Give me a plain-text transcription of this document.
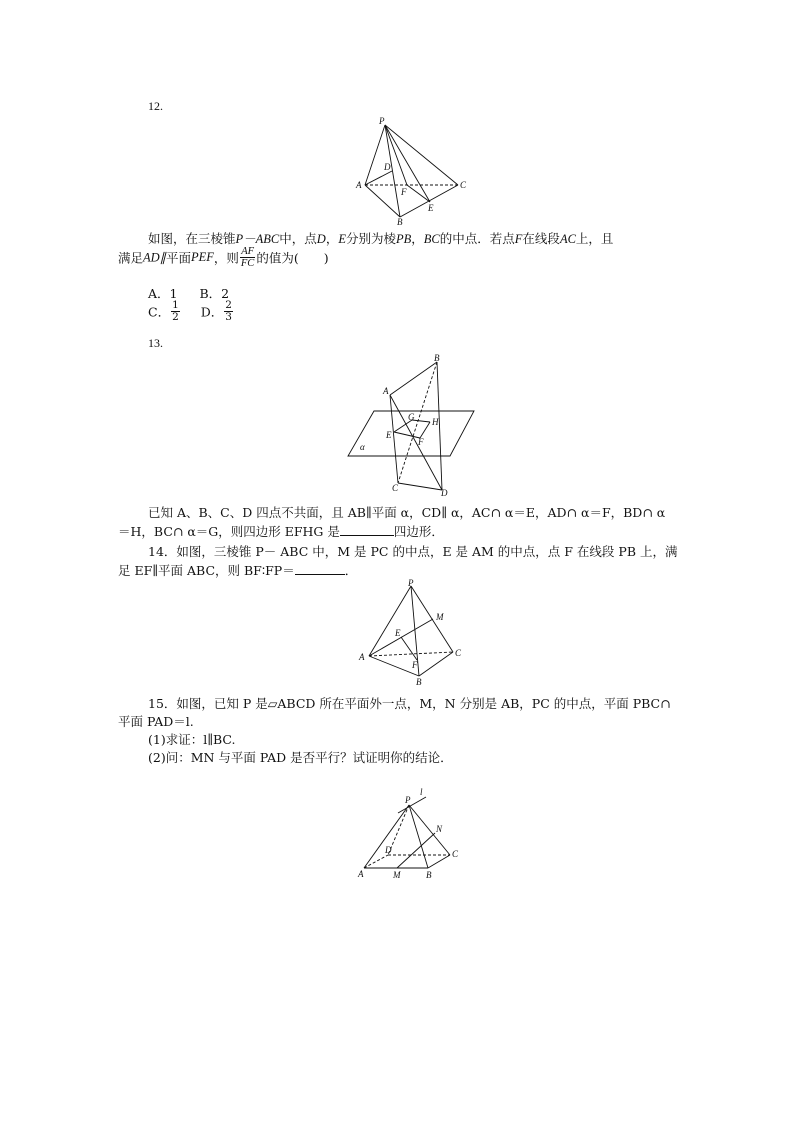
12.
P
A
B
C
D
E
F
如图，在三棱锥P－ABC中，点D，E分别为棱PB，BC的中点．若点F在线段AC上，且
满足AD∥平面PEF，则 $\frac{AF}{FC}$ 的值为(　　)
A．1 B．2
C． $\frac{1}{2}$ D． $\frac{2}{3}$
13.
A
B
C	D
E
F
G H
α
已知 A、B、C、D 四点不共面，且 AB∥平面 α，CD∥ α，AC∩ α＝E，AD∩ α＝F，BD∩ α
＝H，BC∩ α＝G，则四边形 EFHG 是	四边形．
14．如图，三棱锥 P－ ABC 中，M 是 PC 的中点，E 是 AM 的中点，点 F 在线段 PB 上，满
足 EF∥平面 ABC，则 BF∶FP＝	．
P
A
B
C
M
E
F
15．如图，已知 P 是▱ABCD 所在平面外一点，M，N 分别是 AB，PC 的中点，平面 PBC∩
平面 PAD＝l.
(1)求证：l∥BC.
(2)问：MN 与平面 PAD 是否平行？试证明你的结论．
P
l
A	B
C
D
M
N
